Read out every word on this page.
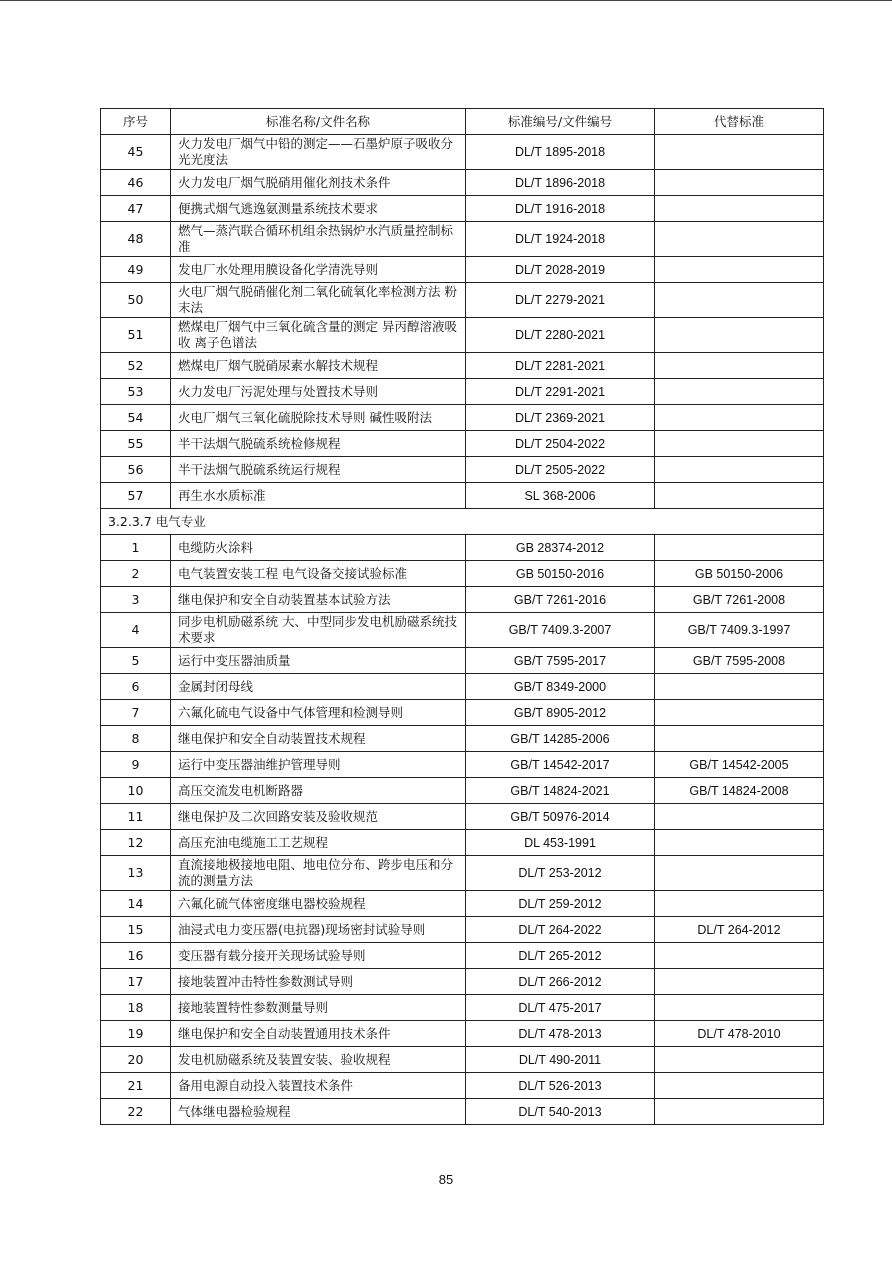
序号	标准名称/文件名称	标准编号/文件编号	代替标准
45	火力发电厂烟气中铅的测定——石墨炉原子吸收分光光度法	DL/T 1895-2018	
46	火力发电厂烟气脱硝用催化剂技术条件	DL/T 1896-2018	
47	便携式烟气逃逸氨测量系统技术要求	DL/T 1916-2018	
48	燃气—蒸汽联合循环机组余热锅炉水汽质量控制标准	DL/T 1924-2018	
49	发电厂水处理用膜设备化学清洗导则	DL/T 2028-2019	
50	火电厂烟气脱硝催化剂二氧化硫氧化率检测方法 粉末法	DL/T 2279-2021	
51	燃煤电厂烟气中三氧化硫含量的测定 异丙醇溶液吸收 离子色谱法	DL/T 2280-2021	
52	燃煤电厂烟气脱硝尿素水解技术规程	DL/T 2281-2021	
53	火力发电厂污泥处理与处置技术导则	DL/T 2291-2021	
54	火电厂烟气三氧化硫脱除技术导则 碱性吸附法	DL/T 2369-2021	
55	半干法烟气脱硫系统检修规程	DL/T 2504-2022	
56	半干法烟气脱硫系统运行规程	DL/T 2505-2022	
57	再生水水质标准	SL 368-2006	
3.2.3.7 电气专业			
1	电缆防火涂料	GB 28374-2012	
2	电气装置安装工程 电气设备交接试验标准	GB 50150-2016	GB 50150-2006
3	继电保护和安全自动装置基本试验方法	GB/T 7261-2016	GB/T 7261-2008
4	同步电机励磁系统 大、中型同步发电机励磁系统技术要求	GB/T 7409.3-2007	GB/T 7409.3-1997
5	运行中变压器油质量	GB/T 7595-2017	GB/T 7595-2008
6	金属封闭母线	GB/T 8349-2000	
7	六氟化硫电气设备中气体管理和检测导则	GB/T 8905-2012	
8	继电保护和安全自动装置技术规程	GB/T 14285-2006	
9	运行中变压器油维护管理导则	GB/T 14542-2017	GB/T 14542-2005
10	高压交流发电机断路器	GB/T 14824-2021	GB/T 14824-2008
11	继电保护及二次回路安装及验收规范	GB/T 50976-2014	
12	高压充油电缆施工工艺规程	DL 453-1991	
13	直流接地极接地电阻、地电位分布、跨步电压和分流的测量方法	DL/T 253-2012	
14	六氟化硫气体密度继电器校验规程	DL/T 259-2012	
15	油浸式电力变压器(电抗器)现场密封试验导则	DL/T 264-2022	DL/T 264-2012
16	变压器有载分接开关现场试验导则	DL/T 265-2012	
17	接地装置冲击特性参数测试导则	DL/T 266-2012	
18	接地装置特性参数测量导则	DL/T 475-2017	
19	继电保护和安全自动装置通用技术条件	DL/T 478-2013	DL/T 478-2010
20	发电机励磁系统及装置安装、验收规程	DL/T 490-2011	
21	备用电源自动投入装置技术条件	DL/T 526-2013	
22	气体继电器检验规程	DL/T 540-2013	
85
